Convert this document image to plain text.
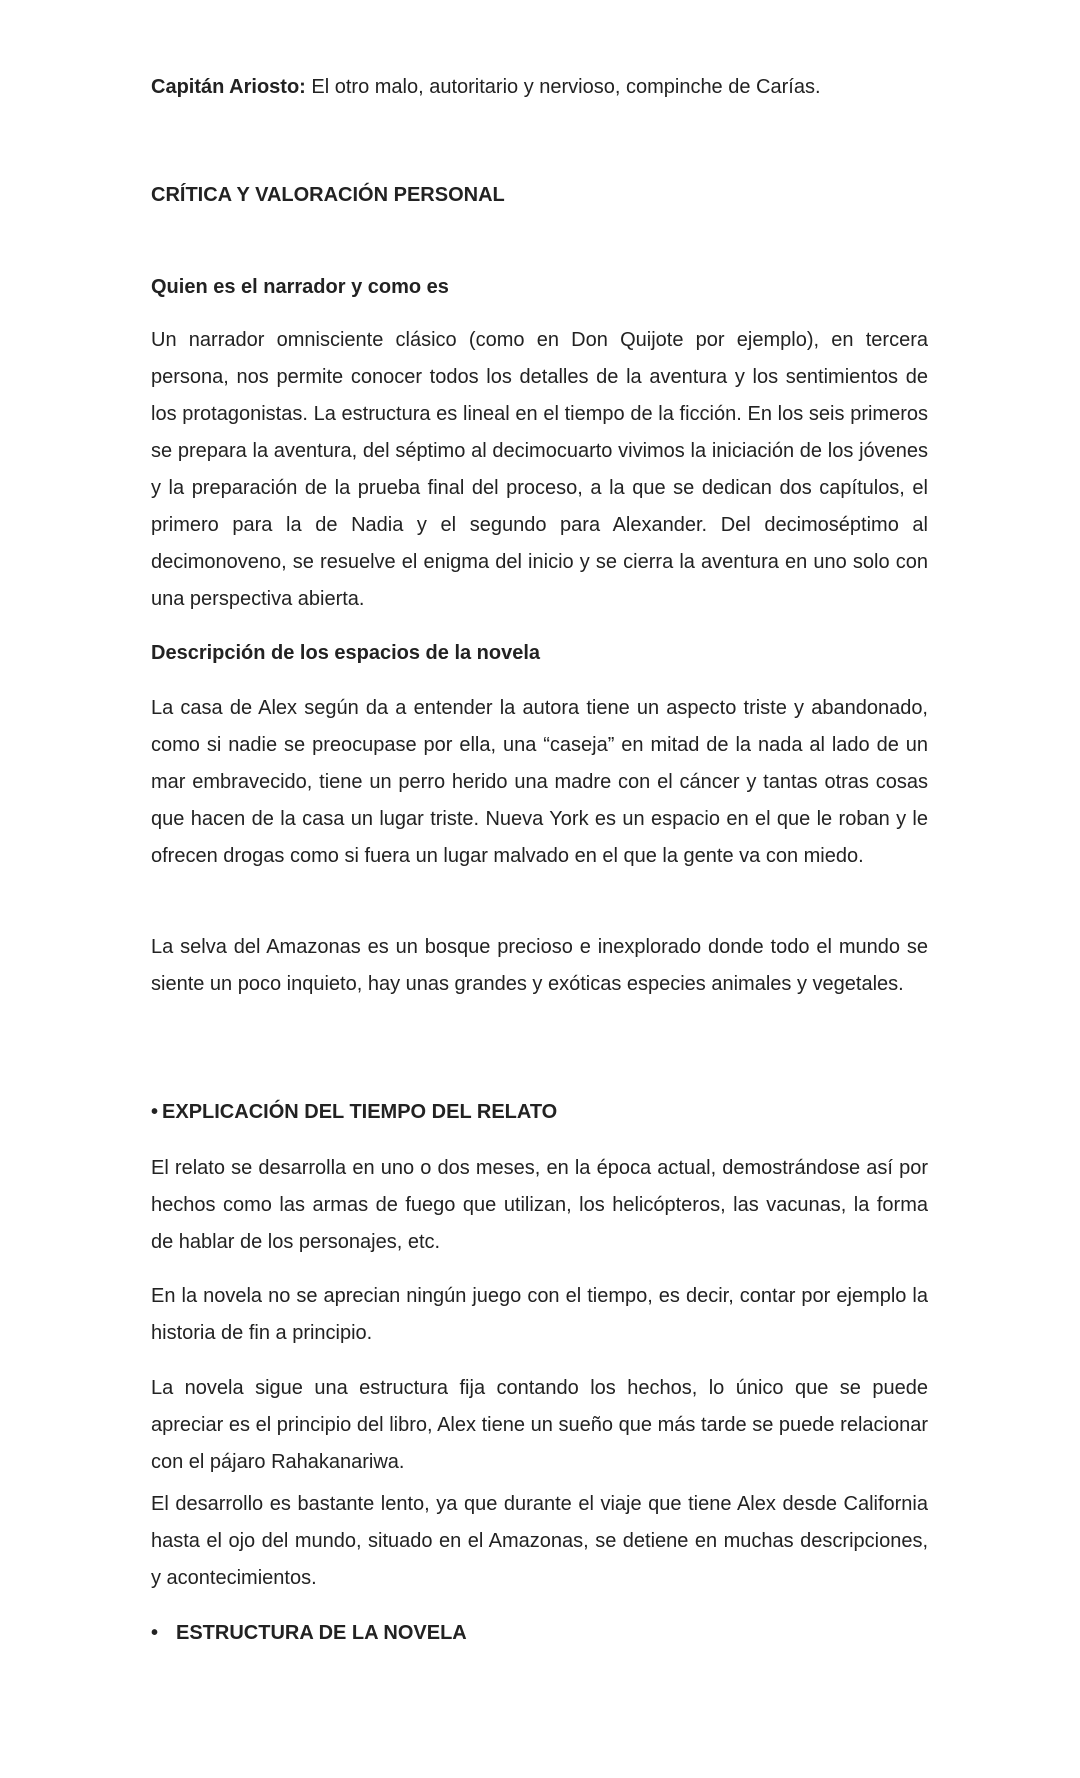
Capitán Ariosto: El otro malo, autoritario y nervioso, compinche de Carías.
CRÍTICA Y VALORACIÓN PERSONAL
Quien es el narrador y como es
Un narrador omnisciente clásico (como en Don Quijote por ejemplo), en tercera persona, nos permite conocer todos los detalles de la aventura y los sentimientos de los protagonistas. La estructura es lineal en el tiempo de la ficción. En los seis primeros se prepara la aventura, del séptimo al decimocuarto vivimos la iniciación de los jóvenes y la preparación de la prueba final del proceso, a la que se dedican dos capítulos, el primero para la de Nadia y el segundo para Alexander. Del decimoséptimo al decimonoveno, se resuelve el enigma del inicio y se cierra la aventura en uno solo con una perspectiva abierta.
Descripción de los espacios de la novela
La casa de Alex según da a entender la autora tiene un aspecto triste y abandonado, como si nadie se preocupase por ella, una “caseja” en mitad de la nada al lado de un mar embravecido, tiene un perro herido una madre con el cáncer y tantas otras cosas que hacen de la casa un lugar triste. Nueva York es un espacio en el que le roban y le ofrecen drogas como si fuera un lugar malvado en el que la gente va con miedo.
La selva del Amazonas es un bosque precioso e inexplorado donde todo el mundo se siente un poco inquieto, hay unas grandes y exóticas especies animales y vegetales.
• EXPLICACIÓN DEL TIEMPO DEL RELATO
El relato se desarrolla en uno o dos meses, en la época actual, demostrándose así por hechos como las armas de fuego que utilizan, los helicópteros, las vacunas, la forma de hablar de los personajes, etc.
En la novela no se aprecian ningún juego con el tiempo, es decir, contar por ejemplo la historia de fin a principio.
La novela sigue una estructura fija contando los hechos, lo único que se puede apreciar es el principio del libro, Alex tiene un sueño que más tarde se puede relacionar con el pájaro Rahakanariwa.
El desarrollo es bastante lento, ya que durante el viaje que tiene Alex desde California hasta el ojo del mundo, situado en el Amazonas, se detiene en muchas descripciones, y acontecimientos.
• ESTRUCTURA DE LA NOVELA
